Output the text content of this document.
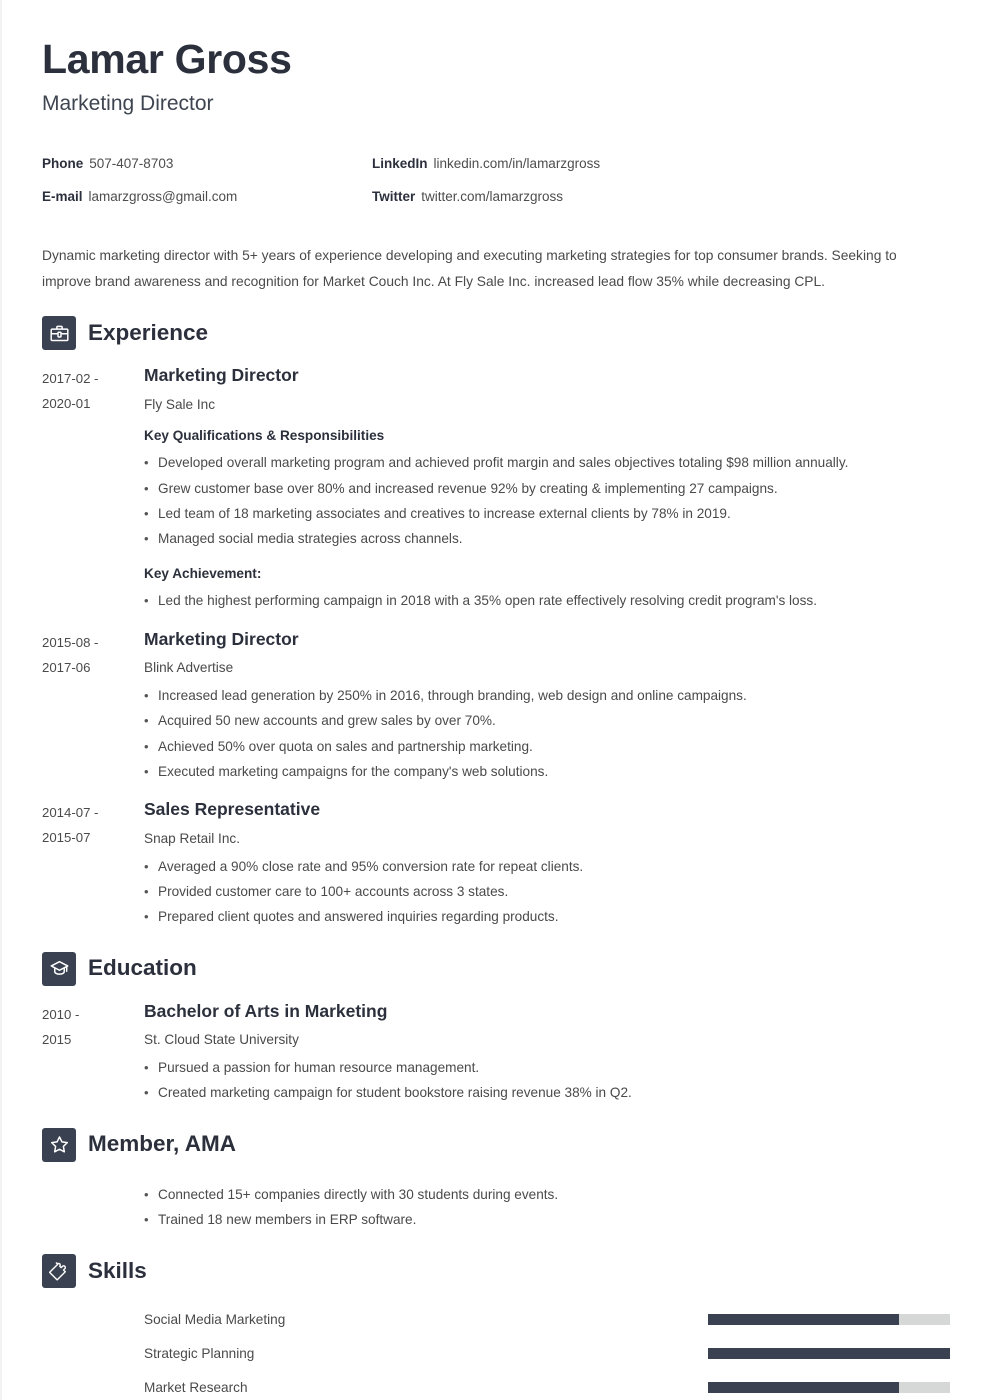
Lamar Gross
Marketing Director
Phone 507-407-8703
E-mail lamarzgross@gmail.com
LinkedIn linkedin.com/in/lamarzgross
Twitter twitter.com/lamarzgross
Dynamic marketing director with 5+ years of experience developing and executing marketing strategies for top consumer brands. Seeking to improve brand awareness and recognition for Market Couch Inc. At Fly Sale Inc. increased lead flow 35% while decreasing CPL.
Experience
2017-02 -
2020-01
Marketing Director
Fly Sale Inc
Key Qualifications & Responsibilities
• Developed overall marketing program and achieved profit margin and sales objectives totaling $98 million annually.
• Grew customer base over 80% and increased revenue 92% by creating & implementing 27 campaigns.
• Led team of 18 marketing associates and creatives to increase external clients by 78% in 2019.
• Managed social media strategies across channels.
Key Achievement:
• Led the highest performing campaign in 2018 with a 35% open rate effectively resolving credit program's loss.
2015-08 -
2017-06
Marketing Director
Blink Advertise
• Increased lead generation by 250% in 2016, through branding, web design and online campaigns.
• Acquired 50 new accounts and grew sales by over 70%.
• Achieved 50% over quota on sales and partnership marketing.
• Executed marketing campaigns for the company's web solutions.
2014-07 -
2015-07
Sales Representative
Snap Retail Inc.
• Averaged a 90% close rate and 95% conversion rate for repeat clients.
• Provided customer care to 100+ accounts across 3 states.
• Prepared client quotes and answered inquiries regarding products.
Education
2010 -
2015
Bachelor of Arts in Marketing
St. Cloud State University
• Pursued a passion for human resource management.
• Created marketing campaign for student bookstore raising revenue 38% in Q2.
Member, AMA
• Connected 15+ companies directly with 30 students during events.
• Trained 18 new members in ERP software.
Skills
Social Media Marketing
Strategic Planning
Market Research
